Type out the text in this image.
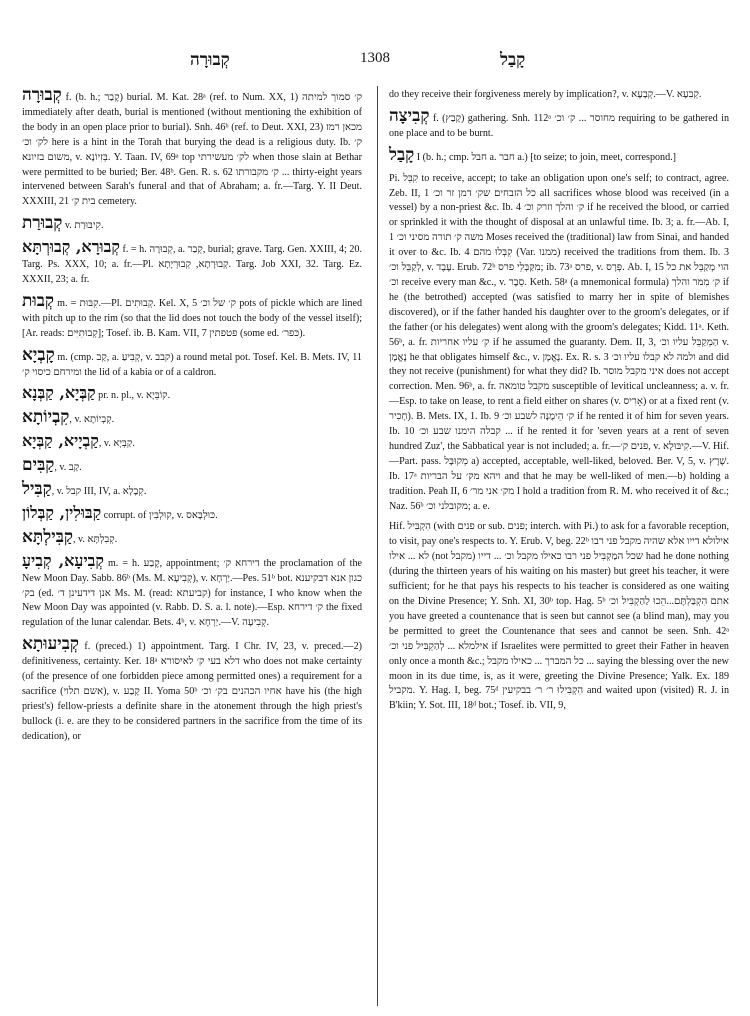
קְבוּרָה	1308	קָבַל
קְבוּרָה f. (b. h.; קָבַר) burial. M. Kat. 28ᵃ (ref. to Num. XX, 1) ק׳ סמוך למיתה immediately after death, burial is mentioned (without mentioning the exhibition of the body in an open place prior to burial). Snh. 46ᵇ (ref. to Deut. XXI, 23) מכאן רמז לק׳ וכ׳ here is a hint in the Torah that burying the dead is a religious duty. Ib. ק׳ משום בזיונא, v. בְּזִיוֹנָא. Y. Taan. IV, 69ᵃ top לק׳ מעשירתי when those slain at Bethar were permitted to be buried; Ber. 48ᵇ. Gen. R. s. 62 ק׳ מקבורתו ... thirty-eight years intervened between Sarah's funeral and that of Abraham; a. fr.—Targ. Y. II Deut. XXXIII, 21 בית ק׳ cemetery.
קְבוּרַת v. קִיבּוּרַת.
קְבוּרָא, קְבוּרְתָּא f. = h. קְבוּרָה, a. קְבַר, burial; grave. Targ. Gen. XXIII, 4; 20. Targ. Ps. XXX, 10; a. fr.—Pl. קְבוּרָתָא, קְבוּרְיָתָא. Targ. Job XXI, 32. Targ. Ez. XXXII, 23; a. fr.
קְבוּת m. = קִבּוּת.—Pl. קְבוּתִים. Kel. X, 5 ק׳ של וכ׳ pots of pickle which are lined with pitch up to the rim (so that the lid does not touch the body of the vessel itself); [Ar. reads: קְבוּתִיִּים]; Tosef. ib. B. Kam. VII, 7 פטפתין (some ed. כּפר׳).
קָבְיָא m. (cmp. קַב, a. קְבִיעַ, v. קבב) a round metal pot. Tosef. Kel. B. Mets. IV, 11 ומירחם כיסוי ק׳ the lid of a kabia or of a caldron.
קַבְּיָא, קַבְּנָא pr. n. pl., v. קוֹבֵּיָא.
קִבְיוֹתָא, v. קְבְיוֹתָא.
קַבְיָיא, קַבְּיָא, v. קַבְיָא.
קַבִּים, v. קַב.
קַבִּיל, v. קבל III, IV, a. קְבָלָא.
קַבּוּלִין, קַבְּלוֹן corrupt. of קוּלְבִּין, v. כּוּלְבָּאס.
קַבִּילְתָּא, v. קְבִלְתָּא.
קְבִיעָא, קְבִיעָ m. = h. קֶבַע, appointment; דירחא ק׳ the proclamation of the New Moon Day. Sabb. 86ᵇ (Ms. M. קְבִיעָא), v. יַרְחָא.—Pes. 51ᵇ bot. כגון אנא דבקיענא בק׳ (ed. אנן דידעינן ד׳ Ms. M. (read: קביעתא) for instance, I who know when the New Moon Day was appointed (v. Rabb. D. S. a. l. note).—Esp. ק׳ דירחא the fixed regulation of the lunar calendar. Bets. 4ᵇ, v. יַרְחָא.—V. קְבִיעָה.
קְבִיעוּתָא f. (preced.) 1) appointment. Targ. I Chr. IV, 23, v. preced.—2) definitiveness, certainty. Ker. 18ᵃ דלא בעי ק׳ לאיסורא who does not make certainty (of the presence of one forbidden piece among permitted ones) a requirement for a sacrifice (אשם תלוי), v. קָבַע II. Yoma 50ᵇ אחיו הכהנים בק׳ וכ׳ have his (the high priest's) fellow-priests a definite share in the atonement through the high priest's bullock (i. e. are they to be considered partners in the sacrifice from the time of its dedication), or
do they receive their forgiveness merely by implication?, v. קְבָעָא.—V. קְבִעָא.
קְבִיצָה f. (קָבַץ) gathering. Snh. 112ᵃ מחוסר ... ק׳ וכ׳ requiring to be gathered in one place and to be burnt.
קָבַל I (b. h.; cmp. חבל a. חבר a.) [to seize; to join, meet, correspond.]
Pi. קִבֵּל to receive, accept; to take an obligation upon one's self; to contract, agree. Zeb. II, 1 כל הזבחים שק׳ דמן זר וכ׳ all sacrifices whose blood was received (in a vessel) by a non-priest &c. Ib. 4 ק׳ והלך וזרק וכ׳ if he received the blood, or carried or sprinkled it with the thought of disposal at an unlawful time. Ib. 3; a. fr.—Ab. I, 1 משה ק׳ תורה מסיני וכ׳ Moses received the (traditional) law from Sinai, and handed it over to &c. Ib. 4 קִבְּלוּ מהם (Var. ממנו) received the traditions from them. Ib. 3 לְקַבֵּל וכ׳, v. עֶבֶד. Erub. 72ᵇ מִקַּבְּלֵי פרס; ib. 73ᵃ פרס, v. פְּרָס. Ab. I, 15 הוי מְקַבֵּל את כל וכ׳ receive every man &c., v. סֵבֶר. Keth. 58ᵃ (a mnemonical formula) ק׳ מִמּר והלך if he (the betrothed) accepted (was satisfied to marry her in spite of blemishes discovered), or if the father handed his daughter over to the groom's delegates, or if the father (or his delegates) went along with the groom's delegates; Kidd. 11ᵃ. Keth. 56ᵇ, a. fr. ק׳ עליו אחריות if he assumed the guaranty. Dem. II, 3, הַמְקַבֵּל עליו וכ׳ v. נֶאֱמָן he that obligates himself &c., v. נֶאֱמָן. Ex. R. s. 3 ולמה לא קבלו עליו וכ׳ and did they not receive (punishment) for what they did? Ib. איני מקבל מוסר does not accept correction. Men. 96ᵇ, a. fr. מקבל טומאה susceptible of levitical uncleanness; a. v. fr.—Esp. to take on lease, to rent a field either on shares (v. אָרִיס) or at a fixed rent (v. חָכִיר). B. Mets. IX, 1. Ib. 9 ק׳ הֵימֶנָּה לשבע וכ׳ if he rented it of him for seven years. Ib. 10 קבלה הימנו שבע וכ׳ ... if he rented it for 'seven years at a rent of seven hundred Zuz', the Sabbatical year is not included; a. fr.—פנים ק׳, v. קִיבּוּלָא.—V. Hif.—Part. pass. מְקוּבָּל a) accepted, acceptable, well-liked, beloved. Ber. V, 5, v. שָׁרָץ. Ib. 17ᵃ ויהא מק׳ על הבריות and that he may be well-liked of men.—b) holding a tradition. Peah II, 6 מק׳ אני מר׳ I hold a tradition from R. M. who received it of &c.; Naz. 56ᵇ מקובלני וכ׳; a. e.
Hif. הִקְבִּיל (with פנים or sub. פנים; interch. with Pi.) to ask for a favorable reception, to visit, pay one's respects to. Y. Erub. V, beg. 22ᵇ אילולא דייו אלא שהיה מקבל פני רבו לא ... אילו (not מקבל) שכל המַקְבִּיל פני רבו כאילו מקבל וכ׳ ... דייו had he done nothing (during the thirteen years of his waiting on his master) but greet his teacher, it were sufficient; for he that pays his respects to his teacher is considered as one waiting on the Divine Presence; Y. Snh. XI, 30ᵇ top. Hag. 5ᵇ אתם הִקְבַּלְתֶּם...הֵכוּ לַהַקְבִּיל וכ׳ you have greeted a countenance that is seen but cannot see (a blind man), may you be permitted to greet the Countenance that sees and cannot be seen. Snh. 42ᵃ אילמלא ... לְהַקְבִּיל פני וכ׳ if Israelites were permitted to greet their Father in heaven only once a month &c.; כל המברך ... כאילו מקבל ... saying the blessing over the new moon in its due time, is, as it were, greeting the Divine Presence; Yalk. Ex. 189 מקביל. Y. Hag. I, beg. 75ᵈ הִקְבִּילוּ ר׳ ר׳ בבקיעין and waited upon (visited) R. J. in B'kiin; Y. Sot. III, 18ᵈ bot.; Tosef. ib. VII, 9,
